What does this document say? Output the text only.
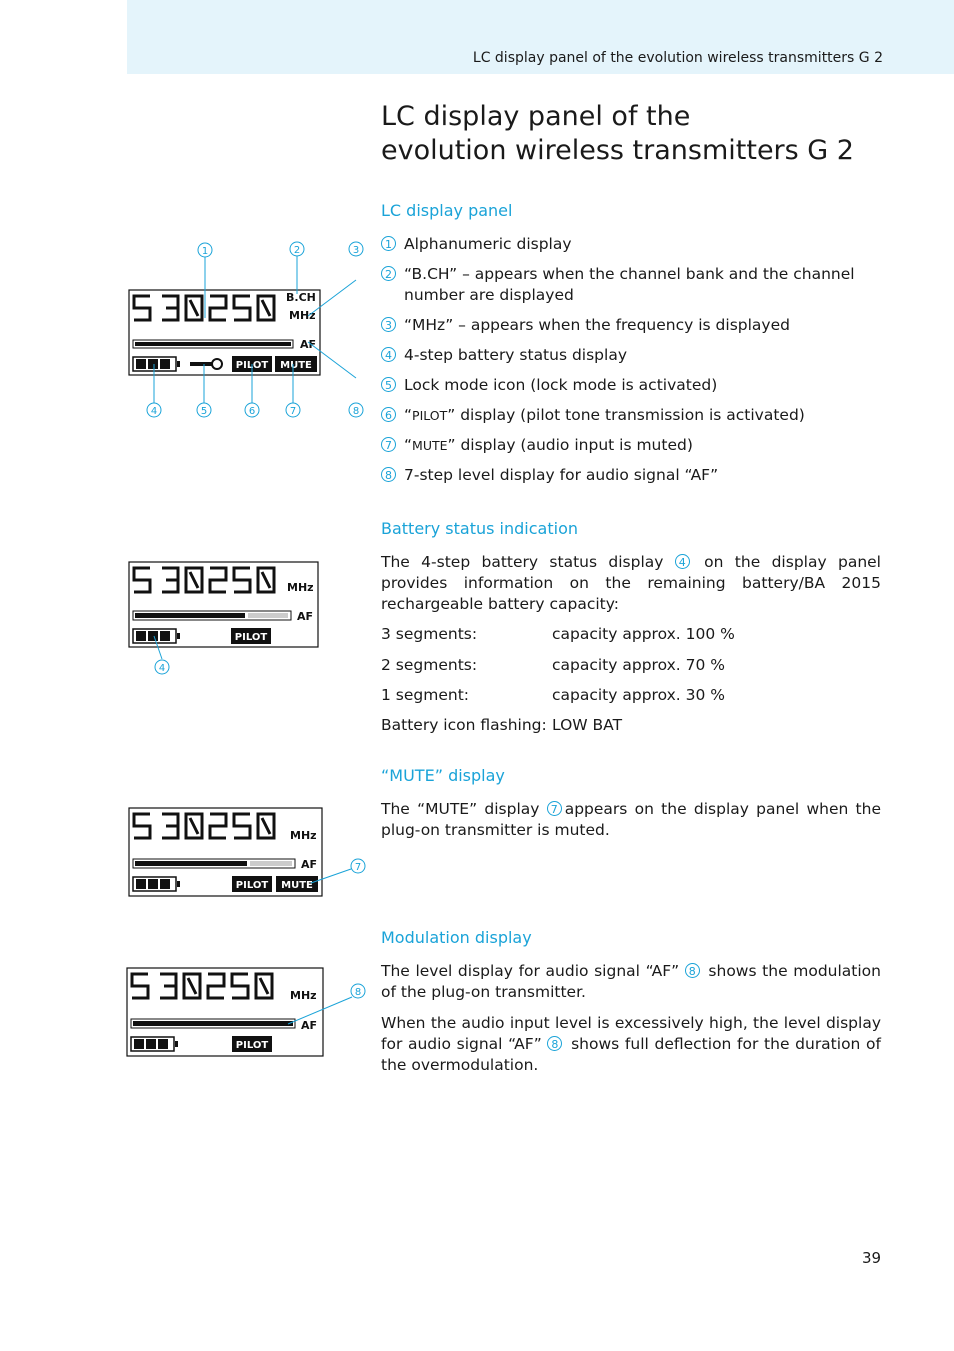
LC display panel of the evolution wireless transmitters G 2
LC display panel of the
evolution wireless transmitters G 2
LC display panel
1	2	3
B.CH
MHz
AF
PILOT MUTE
4	5	6	7	8
1 Alphanumeric display
2 “B.CH” – appears when the channel bank and the channel number are displayed
3 “MHz” – appears when the frequency is displayed
4 4-step battery status display
5 Lock mode icon (lock mode is activated)
6 “PILOT” display (pilot tone transmission is activated)
7 “MUTE” display (audio input is muted)
8 7-step level display for audio signal “AF”
Battery status indication
MHz
AF
PILOT
4

The 4-step battery status display 4 on the display panel provides information on the remaining battery/BA 2015 rechargeable battery capacity:

3 segments:	capacity approx. 100 %
2 segments:	capacity approx. 70 %
1 segment:	capacity approx. 30 %
Battery icon flashing: LOW BAT
“MUTE” display
MHz
AF
PILOT MUTE
7

The “MUTE” display 7 appears on the display panel when the plug-on transmitter is muted.

Modulation display
MHz
AF
PILOT
8

The level display for audio signal “AF” 8 shows the modulation of the plug-on transmitter.

When the audio input level is excessively high, the level display for audio signal “AF” 8 shows full deflection for the duration of the overmodulation.

39
